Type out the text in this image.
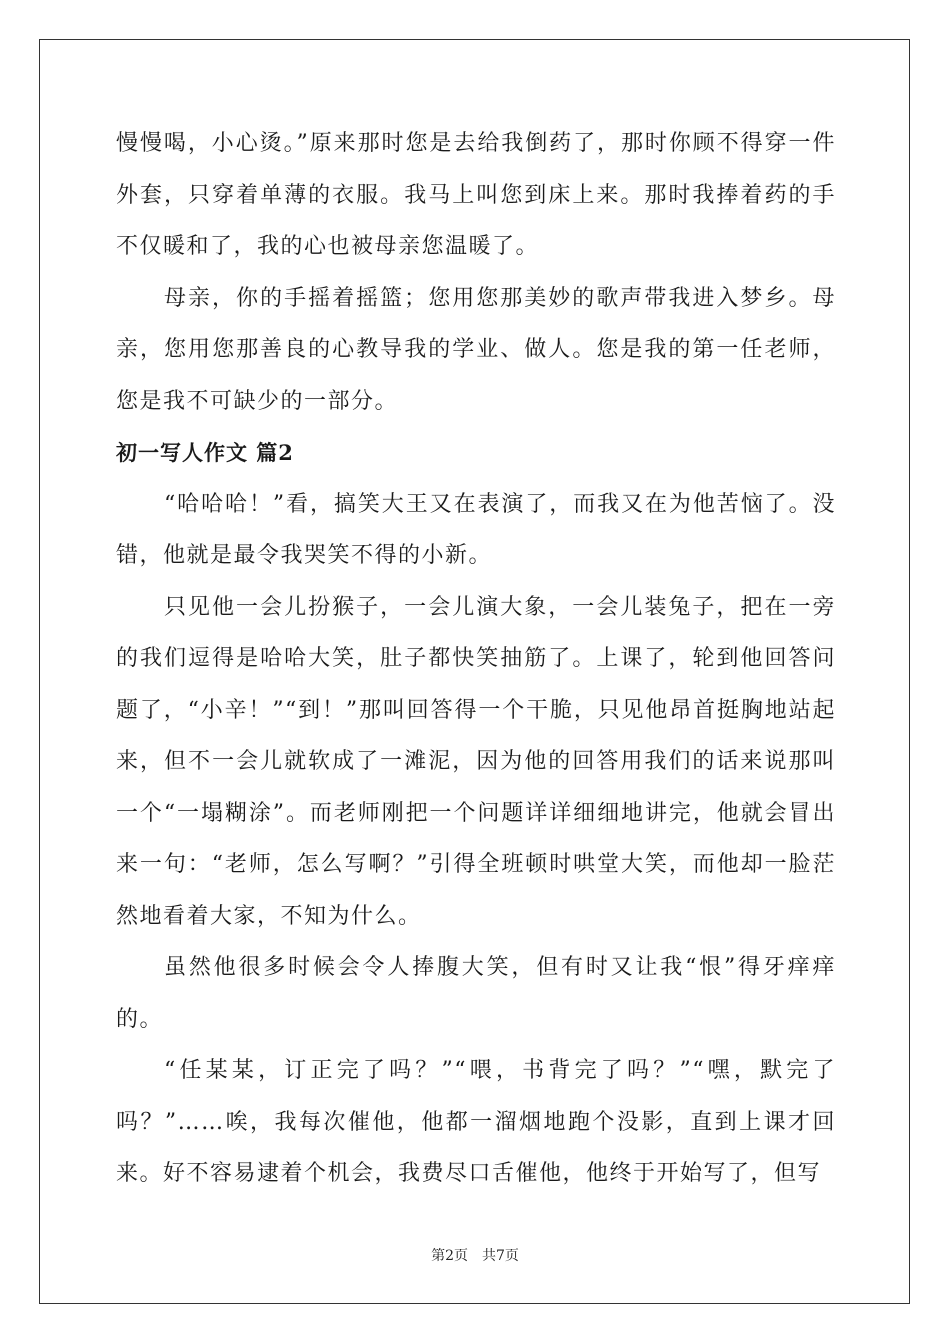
慢慢喝，小心烫。”原来那时您是去给我倒药了，那时你顾不得穿一件外套，只穿着单薄的衣服。我马上叫您到床上来。那时我捧着药的手不仅暖和了，我的心也被母亲您温暖了。

母亲，你的手摇着摇篮；您用您那美妙的歌声带我进入梦乡。母亲，您用您那善良的心教导我的学业、做人。您是我的第一任老师，您是我不可缺少的一部分。

初一写人作文 篇2

“哈哈哈！”看，搞笑大王又在表演了，而我又在为他苦恼了。没错，他就是最令我哭笑不得的小新。

只见他一会儿扮猴子，一会儿演大象，一会儿装兔子，把在一旁的我们逗得是哈哈大笑，肚子都快笑抽筋了。上课了，轮到他回答问题了，“小辛！”“到！”那叫回答得一个干脆，只见他昂首挺胸地站起来，但不一会儿就软成了一滩泥，因为他的回答用我们的话来说那叫一个“一塌糊涂”。而老师刚把一个问题详详细细地讲完，他就会冒出来一句：“老师，怎么写啊？”引得全班顿时哄堂大笑，而他却一脸茫然地看着大家，不知为什么。

虽然他很多时候会令人捧腹大笑，但有时又让我“恨”得牙痒痒的。

“任某某，订正完了吗？”“喂，书背完了吗？”“嘿，默完了吗？”……唉，我每次催他，他都一溜烟地跑个没影，直到上课才回来。好不容易逮着个机会，我费尽口舌催他，他终于开始写了，但写

第2页 共7页
